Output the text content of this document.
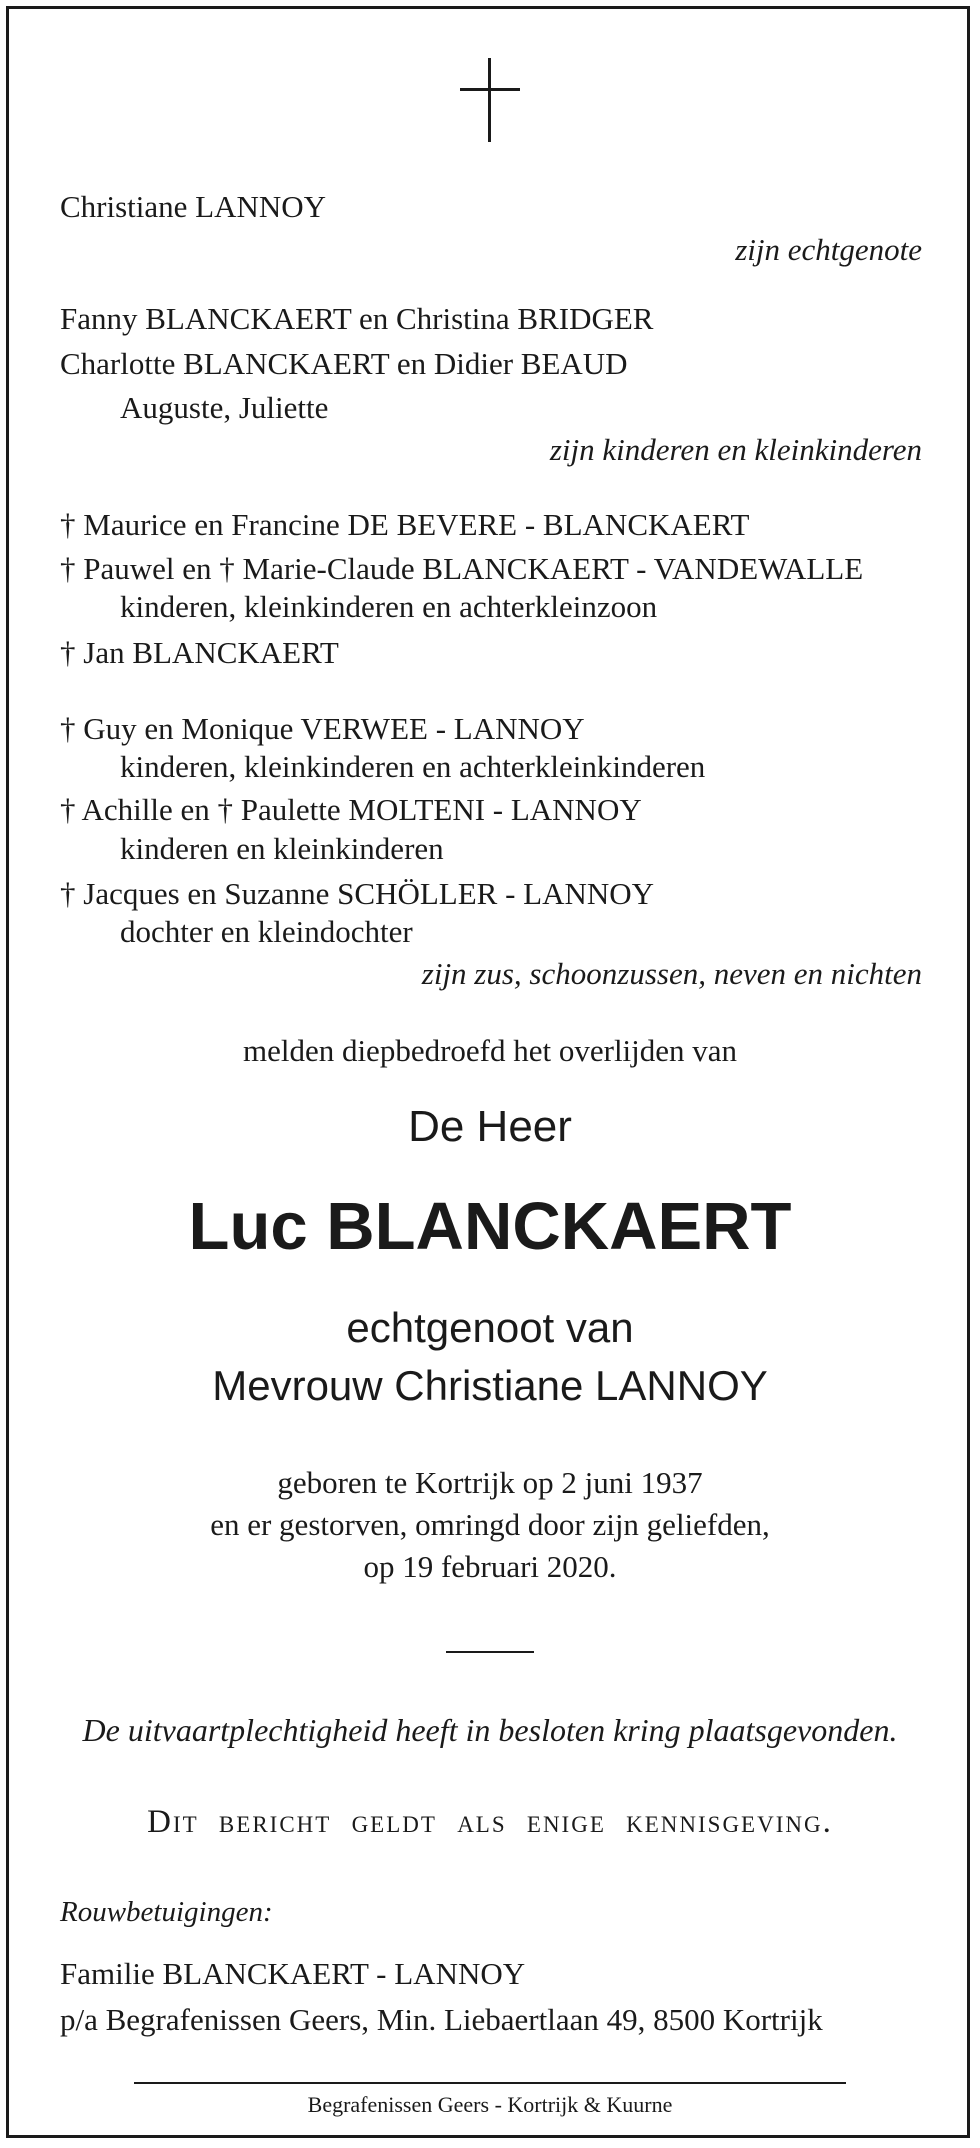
Christiane LANNOY
zijn echtgenote
Fanny BLANCKAERT en Christina BRIDGER
Charlotte BLANCKAERT en Didier BEAUD
Auguste, Juliette
zijn kinderen en kleinkinderen
† Maurice en Francine DE BEVERE - BLANCKAERT
† Pauwel en † Marie-Claude BLANCKAERT - VANDEWALLE
kinderen, kleinkinderen en achterkleinzoon
† Jan BLANCKAERT
† Guy en Monique VERWEE - LANNOY
kinderen, kleinkinderen en achterkleinkinderen
† Achille en † Paulette MOLTENI - LANNOY
kinderen en kleinkinderen
† Jacques en Suzanne SCHÖLLER - LANNOY
dochter en kleindochter
zijn zus, schoonzussen, neven en nichten
melden diepbedroefd het overlijden van
De Heer
Luc BLANCKAERT
echtgenoot van
Mevrouw Christiane LANNOY
geboren te Kortrijk op 2 juni 1937
en er gestorven, omringd door zijn geliefden,
op 19 februari 2020.
De uitvaartplechtigheid heeft in besloten kring plaatsgevonden.
Dit bericht geldt als enige kennisgeving.
Rouwbetuigingen:
Familie BLANCKAERT - LANNOY
p/a Begrafenissen Geers, Min. Liebaertlaan 49, 8500 Kortrijk
Begrafenissen Geers - Kortrijk & Kuurne
